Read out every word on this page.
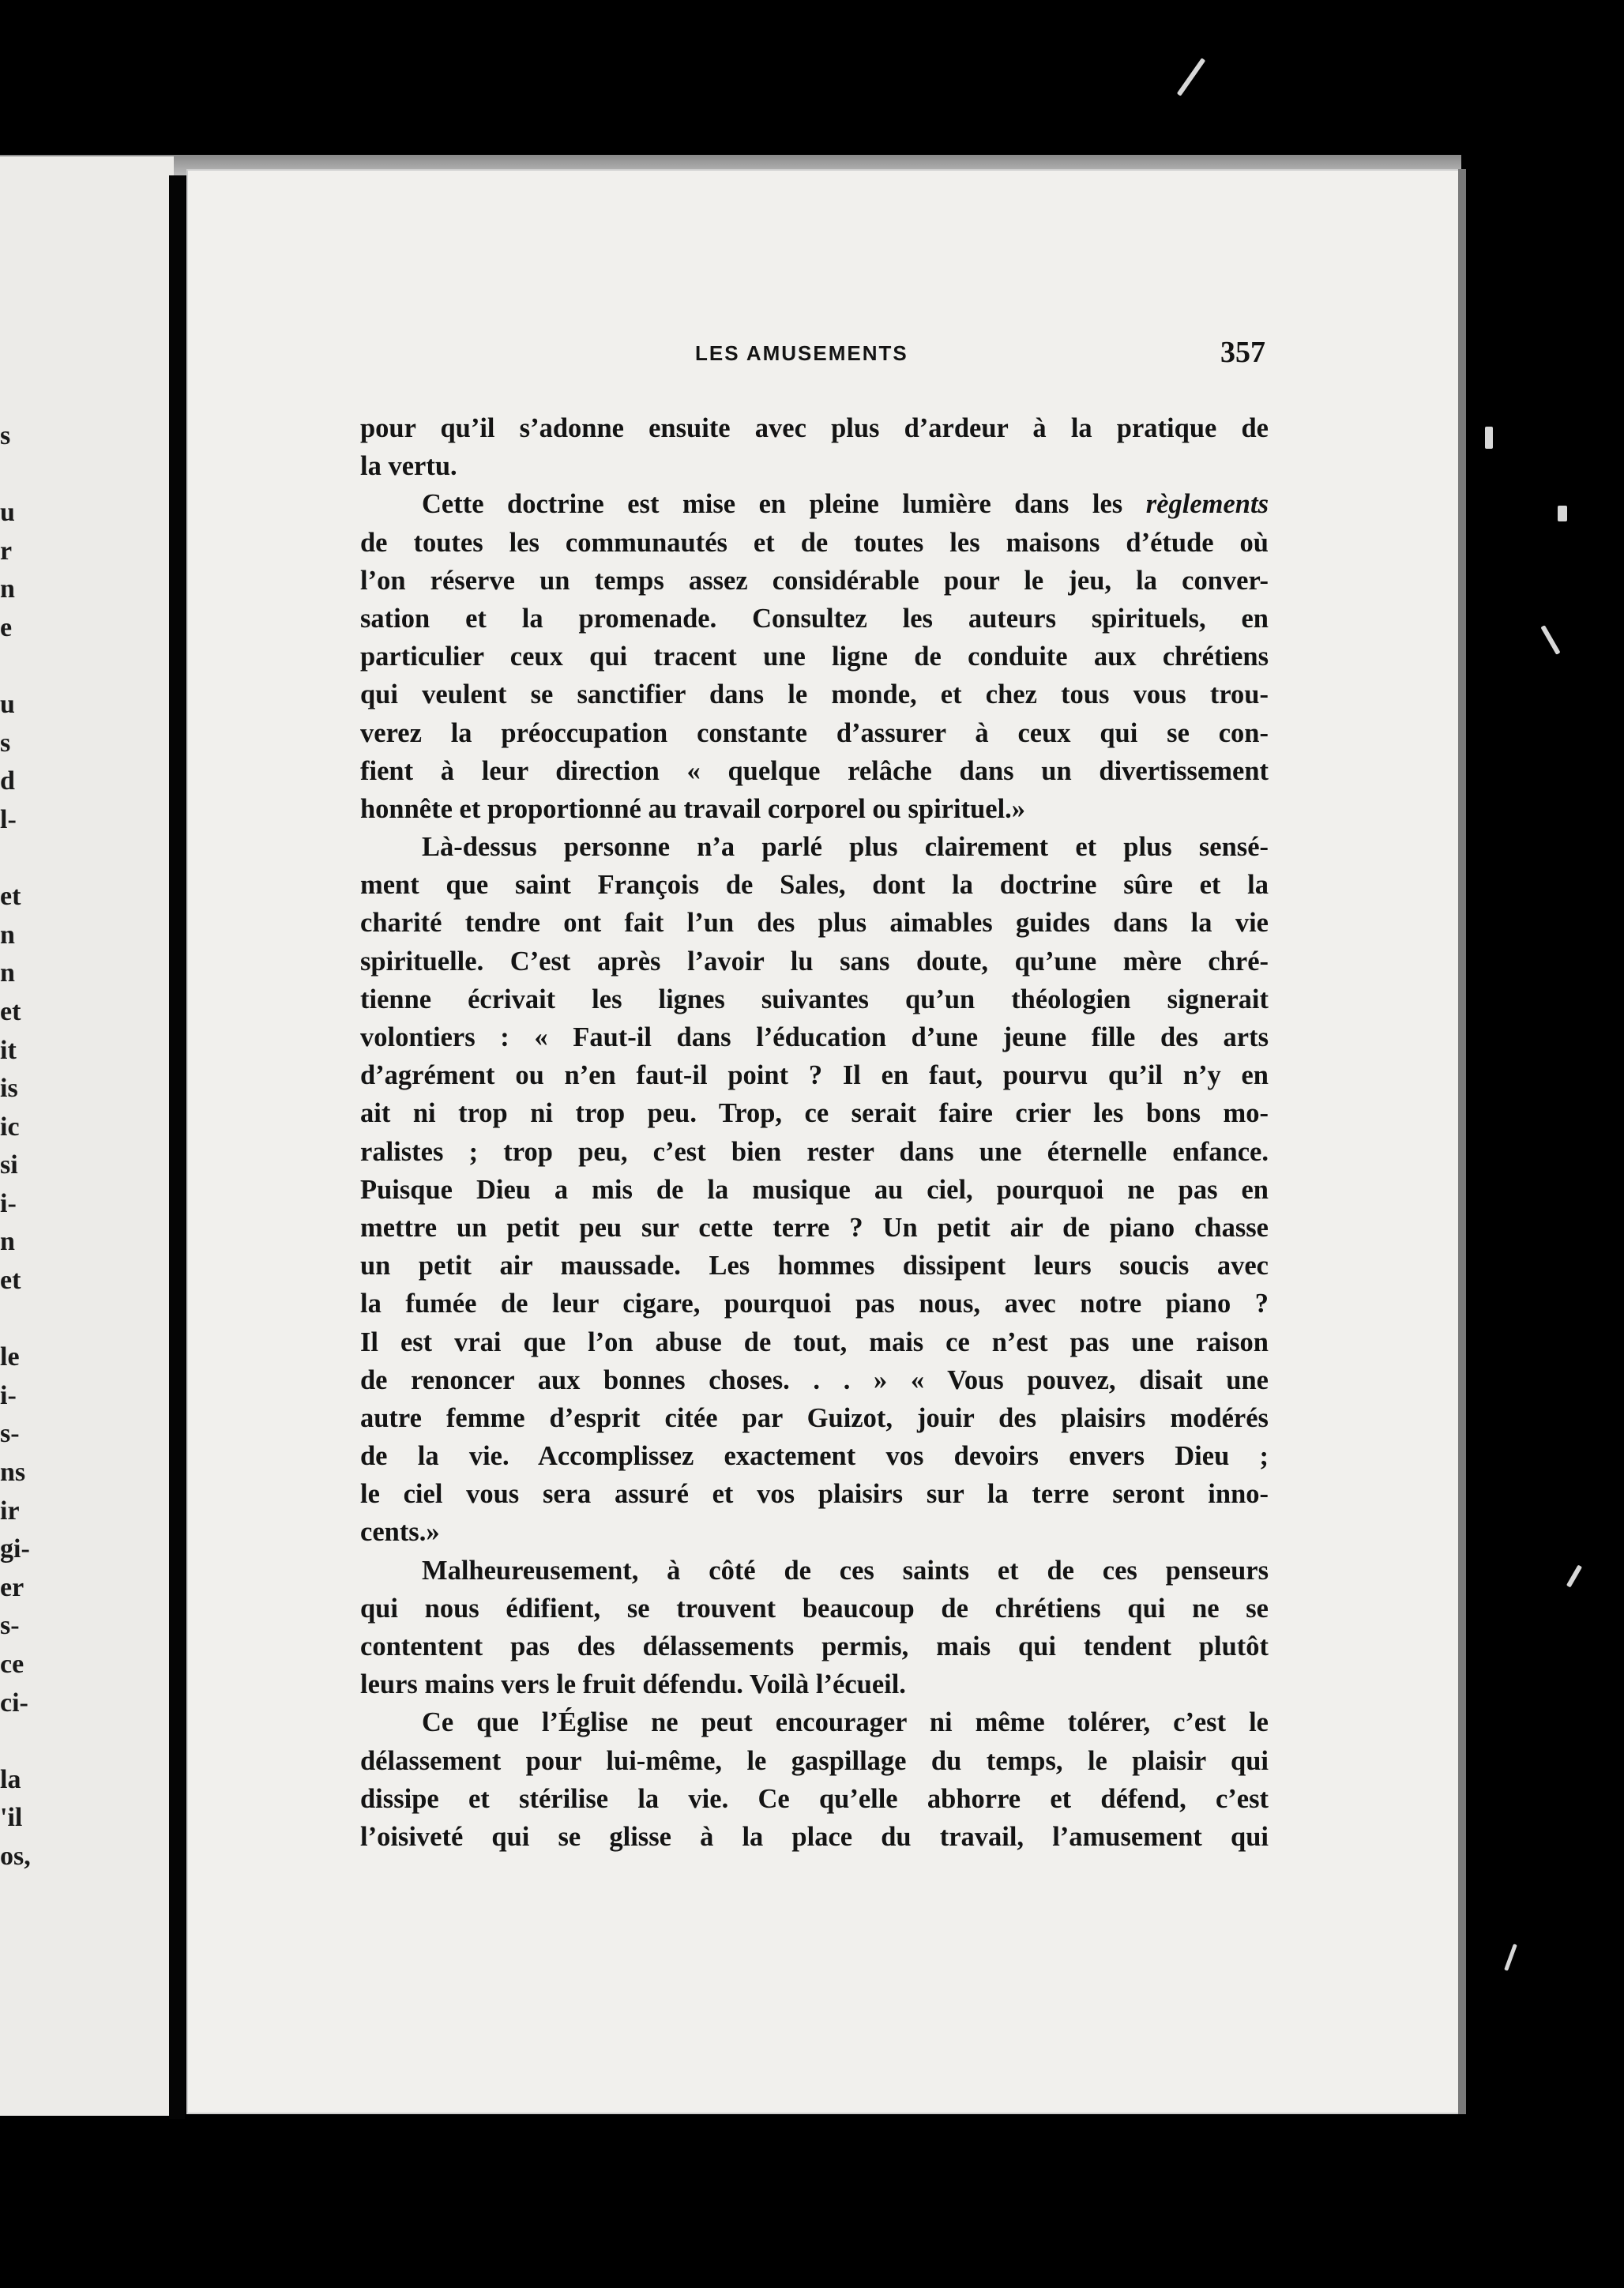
s
u
r
n
e
u
s
d
l-
et
n
n
et
it
is
ic
si
i-
n
et
le
i-
s-
ns
ir
gi-
er
s-
ce
ci-
la
'il
os,
LES AMUSEMENTS	357
pour qu’il s’adonne ensuite avec plus d’ardeur à la pratique de
la vertu.
Cette doctrine est mise en pleine lumière dans les règlements
de toutes les communautés et de toutes les maisons d’étude où
l’on réserve un temps assez considérable pour le jeu, la conver-
sation et la promenade. Consultez les auteurs spirituels, en
particulier ceux qui tracent une ligne de conduite aux chrétiens
qui veulent se sanctifier dans le monde, et chez tous vous trou-
verez la préoccupation constante d’assurer à ceux qui se con-
fient à leur direction « quelque relâche dans un divertissement
honnête et proportionné au travail corporel ou spirituel.»
Là-dessus personne n’a parlé plus clairement et plus sensé-
ment que saint François de Sales, dont la doctrine sûre et la
charité tendre ont fait l’un des plus aimables guides dans la vie
spirituelle. C’est après l’avoir lu sans doute, qu’une mère chré-
tienne écrivait les lignes suivantes qu’un théologien signerait
volontiers : « Faut-il dans l’éducation d’une jeune fille des arts
d’agrément ou n’en faut-il point ? Il en faut, pourvu qu’il n’y en
ait ni trop ni trop peu. Trop, ce serait faire crier les bons mo-
ralistes ; trop peu, c’est bien rester dans une éternelle enfance.
Puisque Dieu a mis de la musique au ciel, pourquoi ne pas en
mettre un petit peu sur cette terre ? Un petit air de piano chasse
un petit air maussade. Les hommes dissipent leurs soucis avec
la fumée de leur cigare, pourquoi pas nous, avec notre piano ?
Il est vrai que l’on abuse de tout, mais ce n’est pas une raison
de renoncer aux bonnes choses. . . » « Vous pouvez, disait une
autre femme d’esprit citée par Guizot, jouir des plaisirs modérés
de la vie. Accomplissez exactement vos devoirs envers Dieu ;
le ciel vous sera assuré et vos plaisirs sur la terre seront inno-
cents.»
Malheureusement, à côté de ces saints et de ces penseurs
qui nous édifient, se trouvent beaucoup de chrétiens qui ne se
contentent pas des délassements permis, mais qui tendent plutôt
leurs mains vers le fruit défendu. Voilà l’écueil.
Ce que l’Église ne peut encourager ni même tolérer, c’est le
délassement pour lui-même, le gaspillage du temps, le plaisir qui
dissipe et stérilise la vie. Ce qu’elle abhorre et défend, c’est
l’oisiveté qui se glisse à la place du travail, l’amusement qui
